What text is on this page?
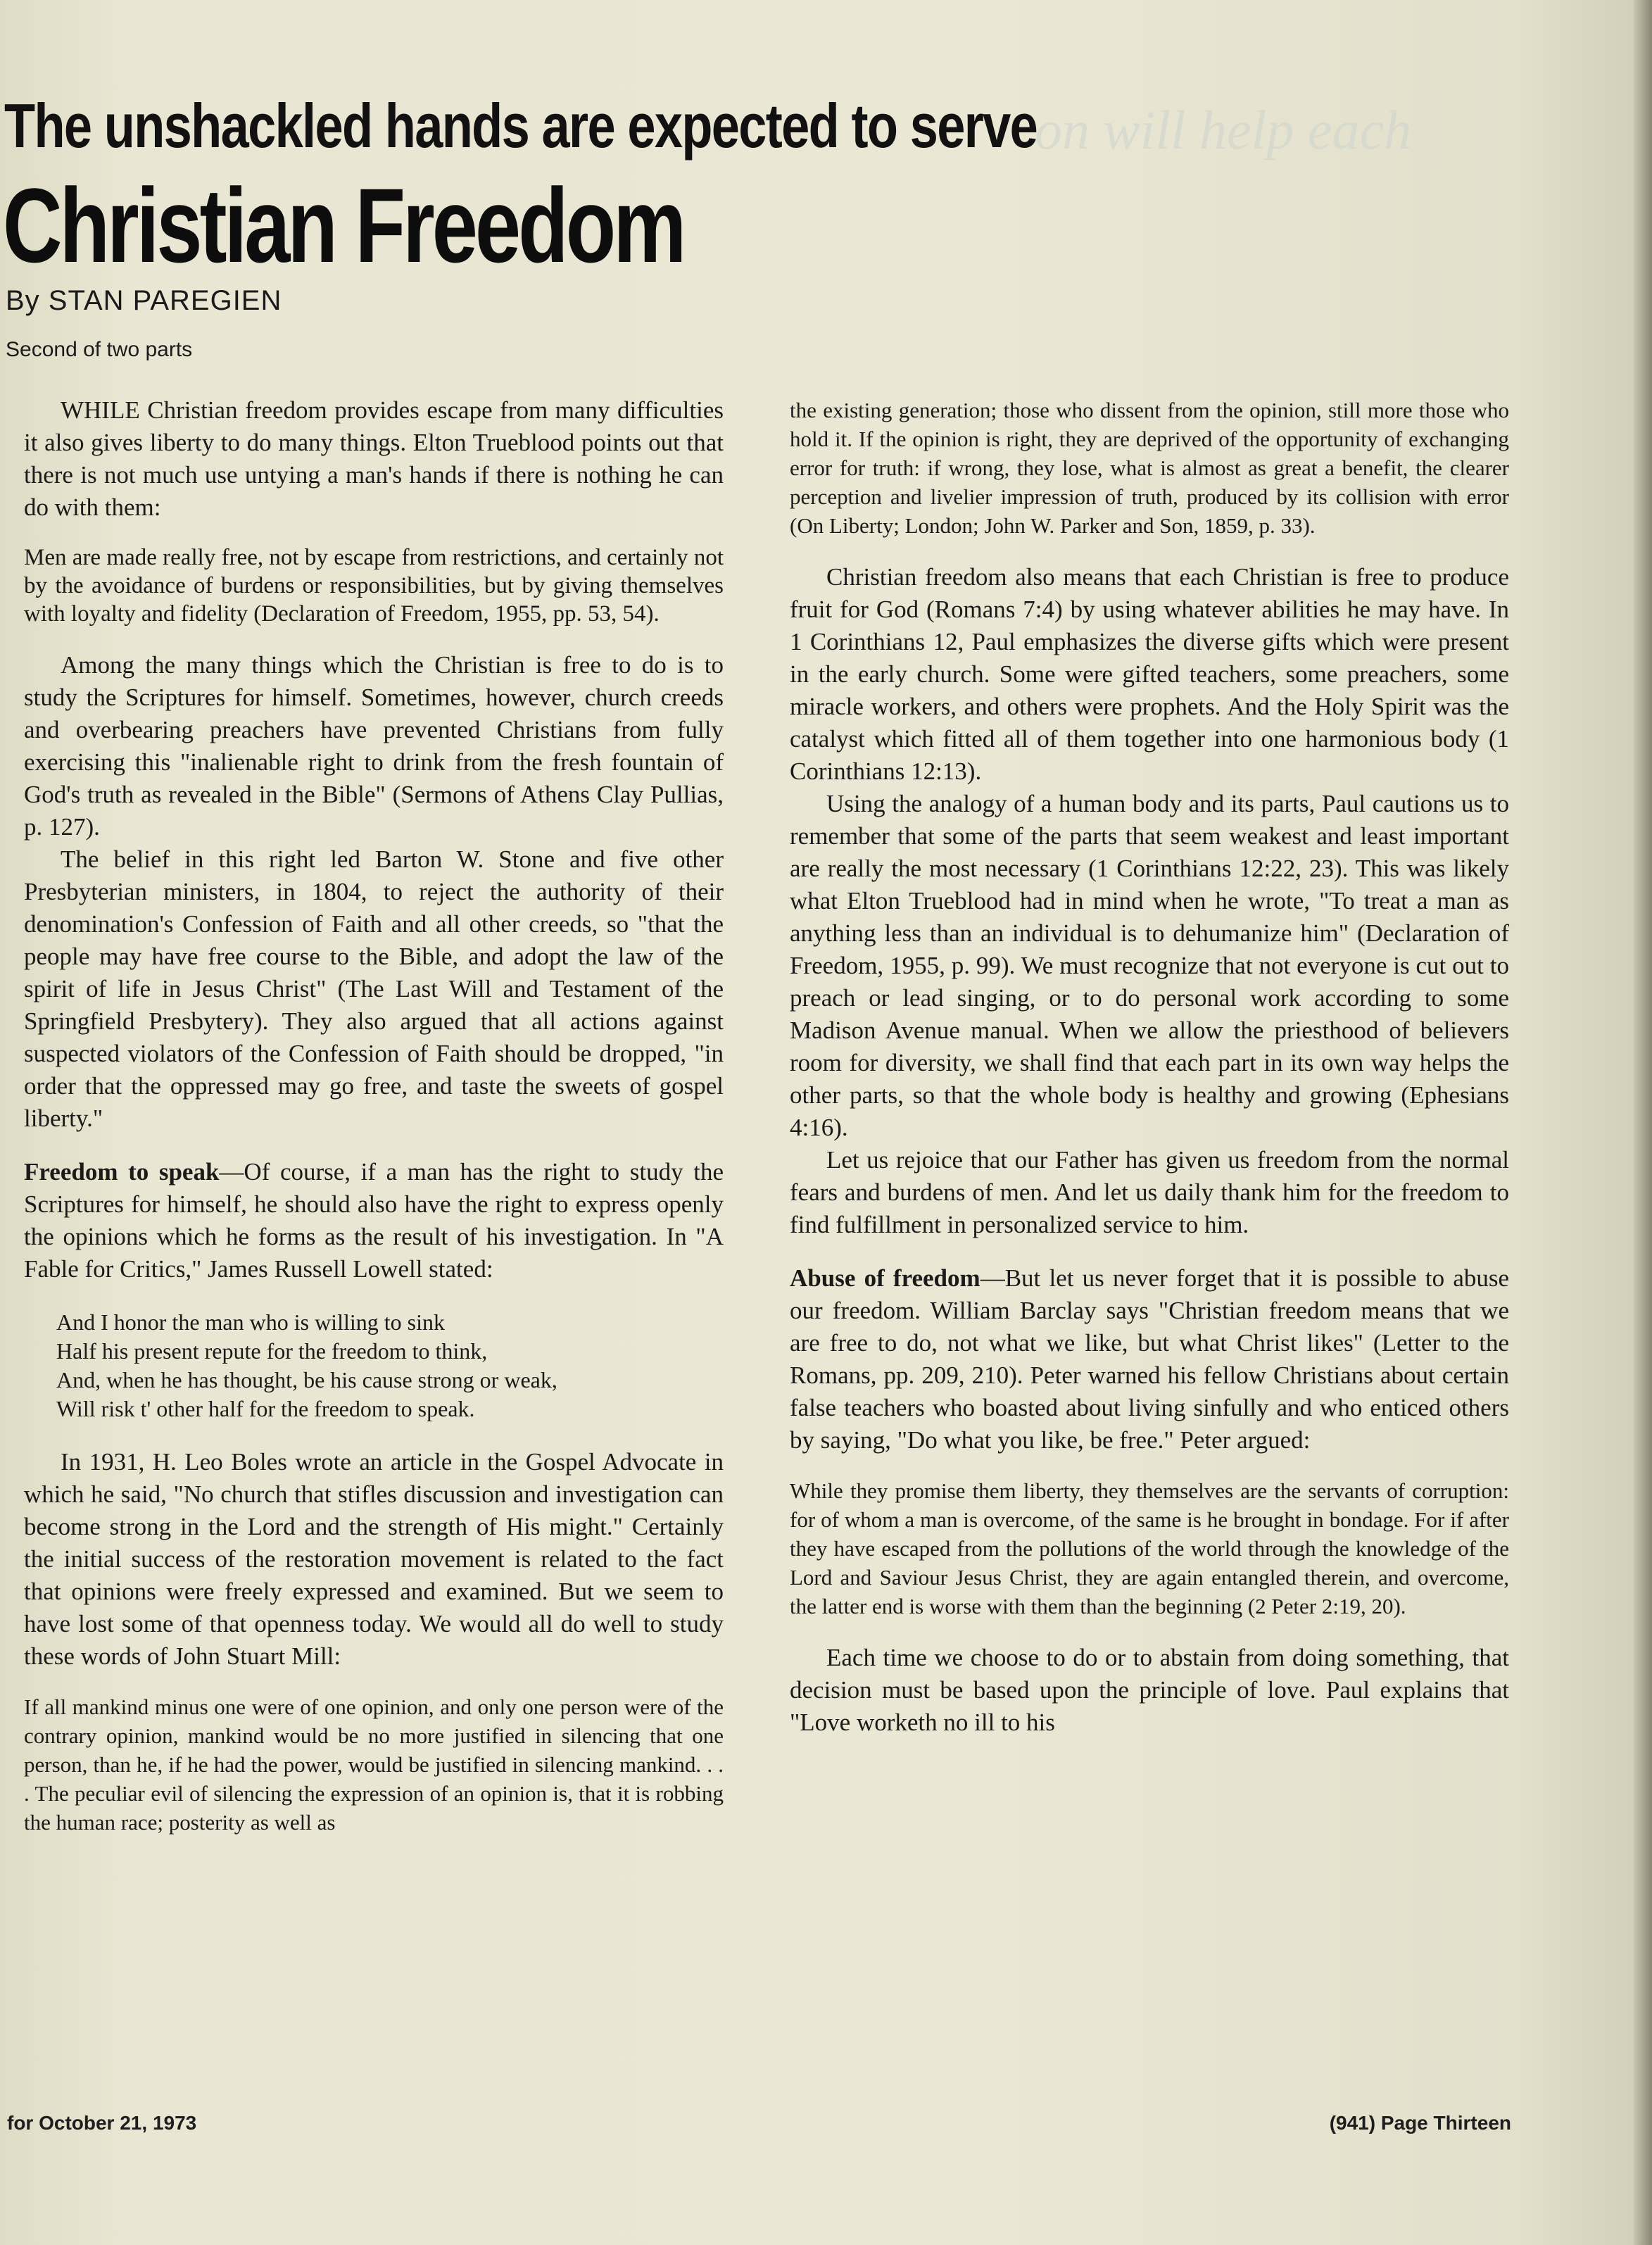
on will help each
The unshackled hands are expected to serve
Christian Freedom
By STAN PAREGIEN
Second of two parts

WHILE Christian freedom provides escape from many difficulties it also gives liberty to do many things. Elton Trueblood points out that there is not much use untying a man's hands if there is nothing he can do with them:

Men are made really free, not by escape from restrictions, and certainly not by the avoidance of burdens or responsibilities, but by giving themselves with loyalty and fidelity (Declaration of Freedom, 1955, pp. 53, 54).

Among the many things which the Christian is free to do is to study the Scriptures for himself. Sometimes, however, church creeds and overbearing preachers have prevented Christians from fully exercising this "inalienable right to drink from the fresh fountain of God's truth as revealed in the Bible" (Sermons of Athens Clay Pullias, p. 127).

The belief in this right led Barton W. Stone and five other Presbyterian ministers, in 1804, to reject the authority of their denomination's Confession of Faith and all other creeds, so "that the people may have free course to the Bible, and adopt the law of the spirit of life in Jesus Christ" (The Last Will and Testament of the Springfield Presbytery). They also argued that all actions against suspected violators of the Confession of Faith should be dropped, "in order that the oppressed may go free, and taste the sweets of gospel liberty."

Freedom to speak—Of course, if a man has the right to study the Scriptures for himself, he should also have the right to express openly the opinions which he forms as the result of his investigation. In "A Fable for Critics," James Russell Lowell stated:

And I honor the man who is willing to sink
Half his present repute for the freedom to think,
And, when he has thought, be his cause strong or weak,
Will risk t' other half for the freedom to speak.

In 1931, H. Leo Boles wrote an article in the Gospel Advocate in which he said, "No church that stifles discussion and investigation can become strong in the Lord and the strength of His might." Certainly the initial success of the restoration movement is related to the fact that opinions were freely expressed and examined. But we seem to have lost some of that openness today. We would all do well to study these words of John Stuart Mill:

If all mankind minus one were of one opinion, and only one person were of the contrary opinion, mankind would be no more justified in silencing that one person, than he, if he had the power, would be justified in silencing mankind. . . . The peculiar evil of silencing the expression of an opinion is, that it is robbing the human race; posterity as well as
the existing generation; those who dissent from the opinion, still more those who hold it. If the opinion is right, they are deprived of the opportunity of exchanging error for truth: if wrong, they lose, what is almost as great a benefit, the clearer perception and livelier impression of truth, produced by its collision with error (On Liberty; London; John W. Parker and Son, 1859, p. 33).

Christian freedom also means that each Christian is free to produce fruit for God (Romans 7:4) by using whatever abilities he may have. In 1 Corinthians 12, Paul emphasizes the diverse gifts which were present in the early church. Some were gifted teachers, some preachers, some miracle workers, and others were prophets. And the Holy Spirit was the catalyst which fitted all of them together into one harmonious body (1 Corinthians 12:13).

Using the analogy of a human body and its parts, Paul cautions us to remember that some of the parts that seem weakest and least important are really the most necessary (1 Corinthians 12:22, 23). This was likely what Elton Trueblood had in mind when he wrote, "To treat a man as anything less than an individual is to dehumanize him" (Declaration of Freedom, 1955, p. 99). We must recognize that not everyone is cut out to preach or lead singing, or to do personal work according to some Madison Avenue manual. When we allow the priesthood of believers room for diversity, we shall find that each part in its own way helps the other parts, so that the whole body is healthy and growing (Ephesians 4:16).

Let us rejoice that our Father has given us freedom from the normal fears and burdens of men. And let us daily thank him for the freedom to find fulfillment in personalized service to him.

Abuse of freedom—But let us never forget that it is possible to abuse our freedom. William Barclay says "Christian freedom means that we are free to do, not what we like, but what Christ likes" (Letter to the Romans, pp. 209, 210). Peter warned his fellow Christians about certain false teachers who boasted about living sinfully and who enticed others by saying, "Do what you like, be free." Peter argued:

While they promise them liberty, they themselves are the servants of corruption: for of whom a man is overcome, of the same is he brought in bondage. For if after they have escaped from the pollutions of the world through the knowledge of the Lord and Saviour Jesus Christ, they are again entangled therein, and overcome, the latter end is worse with them than the beginning (2 Peter 2:19, 20).

Each time we choose to do or to abstain from doing something, that decision must be based upon the principle of love. Paul explains that "Love worketh no ill to his

for October 21, 1973	(941) Page Thirteen
